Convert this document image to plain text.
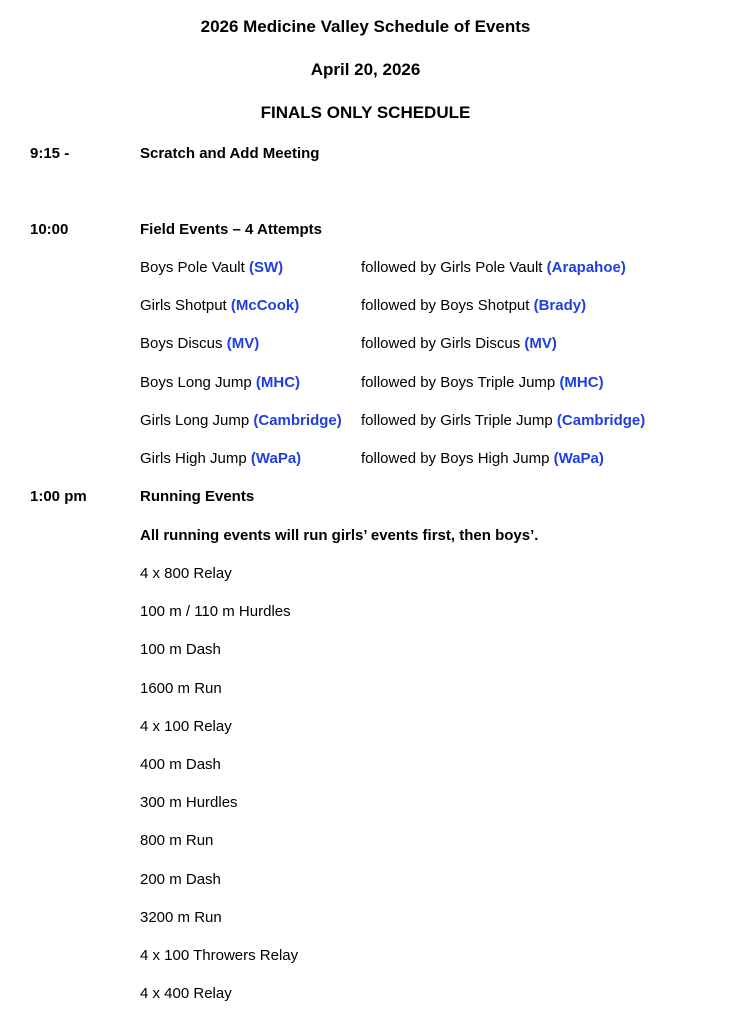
2026 Medicine Valley Schedule of Events
April 20, 2026
FINALS ONLY SCHEDULE
9:15 -	Scratch and Add Meeting
10:00	Field Events – 4 Attempts
Boys Pole Vault (SW)	followed by Girls Pole Vault (Arapahoe)
Girls Shotput (McCook)	followed by Boys Shotput (Brady)
Boys Discus (MV)	followed by Girls Discus (MV)
Boys Long Jump (MHC)	followed by Boys Triple Jump (MHC)
Girls Long Jump (Cambridge) followed by Girls Triple Jump (Cambridge)
Girls High Jump (WaPa)	followed by Boys High Jump (WaPa)
1:00 pm	Running Events
All running events will run girls’ events first, then boys’.
4 x 800 Relay
100 m / 110 m Hurdles
100 m Dash
1600 m Run
4 x 100 Relay
400 m Dash
300 m Hurdles
800 m Run
200 m Dash
3200 m Run
4 x 100 Throwers Relay
4 x 400 Relay
